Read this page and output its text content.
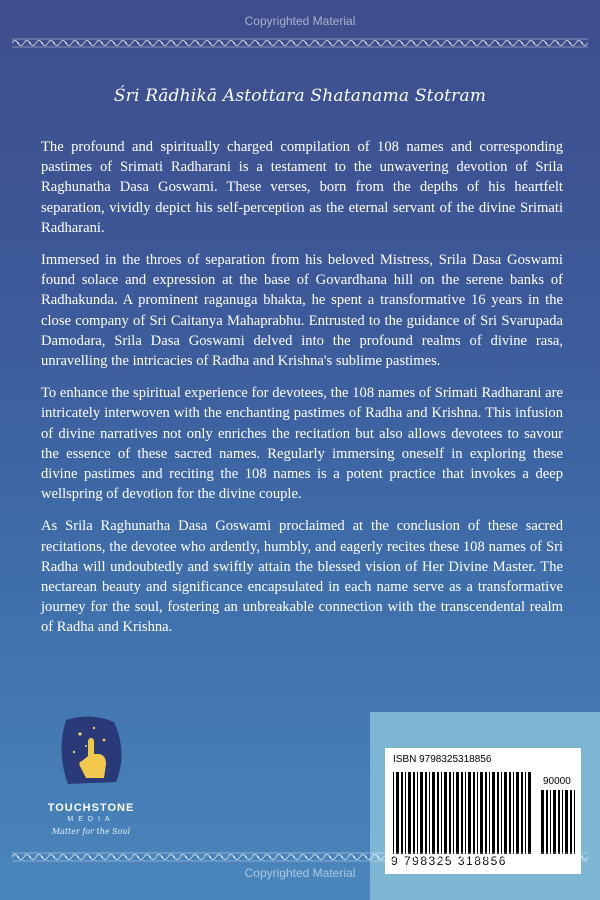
Copyrighted Material
Śri Rādhikā Astottara Shatanama Stotram

The profound and spiritually charged compilation of 108 names and corresponding pastimes of Srimati Radharani is a testament to the unwavering devotion of Srila Raghunatha Dasa Goswami. These verses, born from the depths of his heartfelt separation, vividly depict his self-perception as the eternal servant of the divine Srimati Radharani.

Immersed in the throes of separation from his beloved Mistress, Srila Dasa Goswami found solace and expression at the base of Govardhana hill on the serene banks of Radhakunda. A prominent raganuga bhakta, he spent a transformative 16 years in the close company of Sri Caitanya Mahaprabhu. Entrusted to the guidance of Sri Svarupada Damodara, Srila Dasa Goswami delved into the profound realms of divine rasa, unravelling the intricacies of Radha and Krishna's sublime pastimes.

To enhance the spiritual experience for devotees, the 108 names of Srimati Radharani are intricately interwoven with the enchanting pastimes of Radha and Krishna. This infusion of divine narratives not only enriches the recitation but also allows devotees to savour the essence of these sacred names. Regularly immersing oneself in exploring these divine pastimes and reciting the 108 names is a potent practice that invokes a deep wellspring of devotion for the divine couple.

As Srila Raghunatha Dasa Goswami proclaimed at the conclusion of these sacred recitations, the devotee who ardently, humbly, and eagerly recites these 108 names of Sri Radha will undoubtedly and swiftly attain the blessed vision of Her Divine Master. The nectarean beauty and significance encapsulated in each name serve as a transformative journey for the soul, fostering an unbreakable connection with the transcendental realm of Radha and Krishna.

TOUCHSTONE
MEDIA
Matter for the Soul
ISBN 9798325318856
90000
Copyrighted Material
